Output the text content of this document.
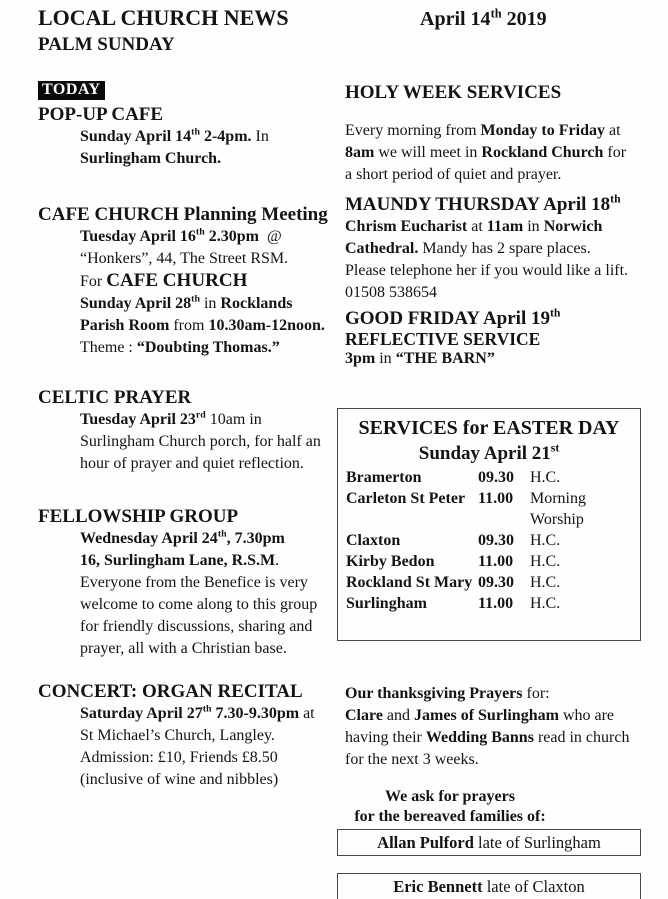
LOCAL CHURCH NEWS	April 14th 2019
PALM SUNDAY
TODAY
POP-UP CAFE
Sunday April 14th 2-4pm. In
Surlingham Church.
CAFE CHURCH Planning Meeting
Tuesday April 16th 2.30pm  @
“Honkers”, 44, The Street RSM.
For CAFE CHURCH
Sunday April 28th in Rocklands
Parish Room from 10.30am-12noon.
Theme : “Doubting Thomas.”
CELTIC PRAYER
Tuesday April 23rd 10am in
Surlingham Church porch, for half an
hour of prayer and quiet reflection.
FELLOWSHIP GROUP
Wednesday April 24th, 7.30pm
16, Surlingham Lane, R.S.M.
Everyone from the Benefice is very
welcome to come along to this group
for friendly discussions, sharing and
prayer, all with a Christian base.
CONCERT: ORGAN RECITAL
Saturday April 27th 7.30-9.30pm at
St Michael’s Church, Langley.
Admission: £10, Friends £8.50
(inclusive of wine and nibbles)
HOLY WEEK SERVICES
Every morning from Monday to Friday at
8am we will meet in Rockland Church for
a short period of quiet and prayer.
MAUNDY THURSDAY April 18th
Chrism Eucharist at 11am in Norwich
Cathedral. Mandy has 2 spare places.
Please telephone her if you would like a lift.
01508 538654
GOOD FRIDAY April 19th
REFLECTIVE SERVICE
3pm in “THE BARN”
SERVICES for EASTER DAY
Sunday April 21st
Bramerton	09.30	H.C.
Carleton St Peter 11.00	Morning Worship
Claxton	09.30	H.C.
Kirby Bedon	11.00	H.C.
Rockland St Mary 09.30	H.C.
Surlingham	11.00	H.C.
Our thanksgiving Prayers for:
Clare and James of Surlingham who are
having their Wedding Banns read in church
for the next 3 weeks.
We ask for prayers
for the bereaved families of:
Allan Pulford late of Surlingham
Eric Bennett late of Claxton
